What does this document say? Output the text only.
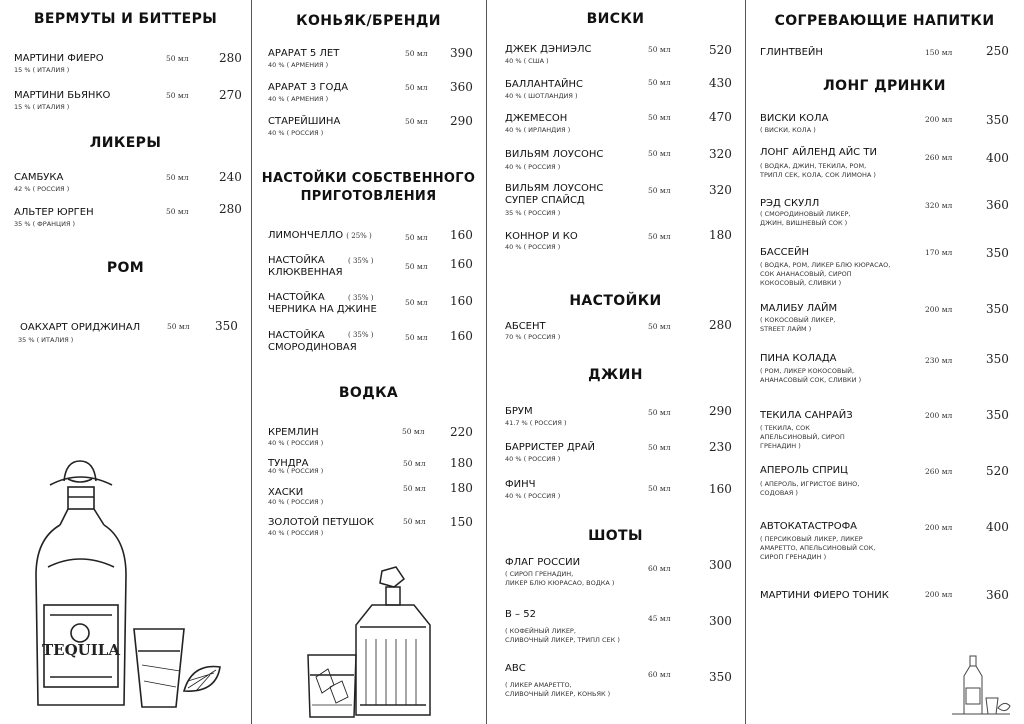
ВЕРМУТЫ И БИТТЕРЫ
МАРТИНИ ФИЕРО
15 % ( ИТАЛИЯ )
50 мл	280
МАРТИНИ БЬЯНКО
15 % ( ИТАЛИЯ )
50 мл	270
ЛИКЕРЫ
САМБУКА
42 % ( РОССИЯ )
50 мл	240
АЛЬТЕР ЮРГЕН
35 % ( ФРАНЦИЯ )
50 мл	280
РОМ
ОАКХАРТ ОРИДЖИНАЛ
35 % ( ИТАЛИЯ )
50 мл 350
TEQUILA
КОНЬЯК/БРЕНДИ
АРАРАТ 5 ЛЕТ
40 % ( АРМЕНИЯ )
50 мл 390
АРАРАТ 3 ГОДА
40 % ( АРМЕНИЯ )
50 мл 360
СТАРЕЙШИНА
40 % ( РОССИЯ )
50 мл 290
НАСТОЙКИ СОБСТВЕННОГО
ПРИГОТОВЛЕНИЯ
ЛИМОНЧЕЛЛО ( 25% )	50 мл 160
НАСТОЙКА
КЛЮКВЕННАЯ
( 35% )
50 мл 160
НАСТОЙКА
ЧЕРНИКА НА ДЖИНЕ
( 35% )	50 мл 160
НАСТОЙКА
СМОРОДИНОВАЯ
( 35% )	50 мл 160
ВОДКА
КРЕМЛИН
40 % ( РОССИЯ )
50 мл 220
ТУНДРА
40 % ( РОССИЯ )
50 мл 180
ХАСКИ
40 % ( РОССИЯ )
50 мл 180
ЗОЛОТОЙ ПЕТУШОК
40 % ( РОССИЯ )
50 мл 150
ВИСКИ
ДЖЕК ДЭНИЭЛС
40 % ( США )
50 мл	520
БАЛЛАНТАЙНС
40 % ( ШОТЛАНДИЯ )
50 мл	430
ДЖЕМЕСОН
40 % ( ИРЛАНДИЯ )
50 мл	470
ВИЛЬЯМ ЛОУСОНС
40 % ( РОССИЯ )
50 мл	320
ВИЛЬЯМ ЛОУСОНС
СУПЕР СПАЙСД
35 % ( РОССИЯ )
50 мл	320
КОННОР И КО
40 % ( РОССИЯ )
50 мл	180
НАСТОЙКИ
АБСЕНТ
70 % ( РОССИЯ )
50 мл	280
ДЖИН
БРУМ
41.7 % ( РОССИЯ )
50 мл	290
БАРРИСТЕР ДРАЙ
40 % ( РОССИЯ )
50 мл	230
ФИНЧ
40 % ( РОССИЯ )
50 мл	160
ШОТЫ
ФЛАГ РОССИИ
( СИРОП ГРЕНАДИН,
ЛИКЕР БЛЮ КЮРАСАО, ВОДКА )
60 мл	300
В – 52
( КОФЕЙНЫЙ ЛИКЕР,
СЛИВОЧНЫЙ ЛИКЕР, ТРИПЛ СЕК )
45 мл	300
АВС
( ЛИКЕР АМАРЕТТО,
СЛИВОЧНЫЙ ЛИКЕР, КОНЬЯК )
60 мл	350
СОГРЕВАЮЩИЕ НАПИТКИ
ГЛИНТВЕЙН	150 мл	250
ЛОНГ ДРИНКИ
ВИСКИ КОЛА
( ВИСКИ, КОЛА )
200 мл	350
ЛОНГ АЙЛЕНД АЙС ТИ
( ВОДКА, ДЖИН, ТЕКИЛА, РОМ,
ТРИПЛ СЕК, КОЛА, СОК ЛИМОНА )
260 мл	400
РЭД СКУЛЛ
( СМОРОДИНОВЫЙ ЛИКЕР,
ДЖИН, ВИШНЕВЫЙ СОК )
320 мл	360
БАССЕЙН
( ВОДКА, РОМ, ЛИКЕР БЛЮ КЮРАСАО,
СОК АНАНАСОВЫЙ, СИРОП
КОКОСОВЫЙ, СЛИВКИ )
170 мл	350
МАЛИБУ ЛАЙМ
( КОКОСОВЫЙ ЛИКЕР,
STREET ЛАЙМ )
200 мл	350
ПИНА КОЛАДА
( РОМ, ЛИКЕР КОКОСОВЫЙ,
АНАНАСОВЫЙ СОК, СЛИВКИ )
230 мл	350
ТЕКИЛА САНРАЙЗ
( ТЕКИЛА, СОК
АПЕЛЬСИНОВЫЙ, СИРОП
ГРЕНАДИН )
200 мл	350
АПЕРОЛЬ СПРИЦ
( АПЕРОЛЬ, ИГРИСТОЕ ВИНО,
СОДОВАЯ )
260 мл	520
АВТОКАТАСТРОФА
( ПЕРСИКОВЫЙ ЛИКЕР, ЛИКЕР
АМАРЕТТО, АПЕЛЬСИНОВЫЙ СОК,
СИРОП ГРЕНАДИН )
200 мл	400
МАРТИНИ ФИЕРО ТОНИК	200 мл	360
